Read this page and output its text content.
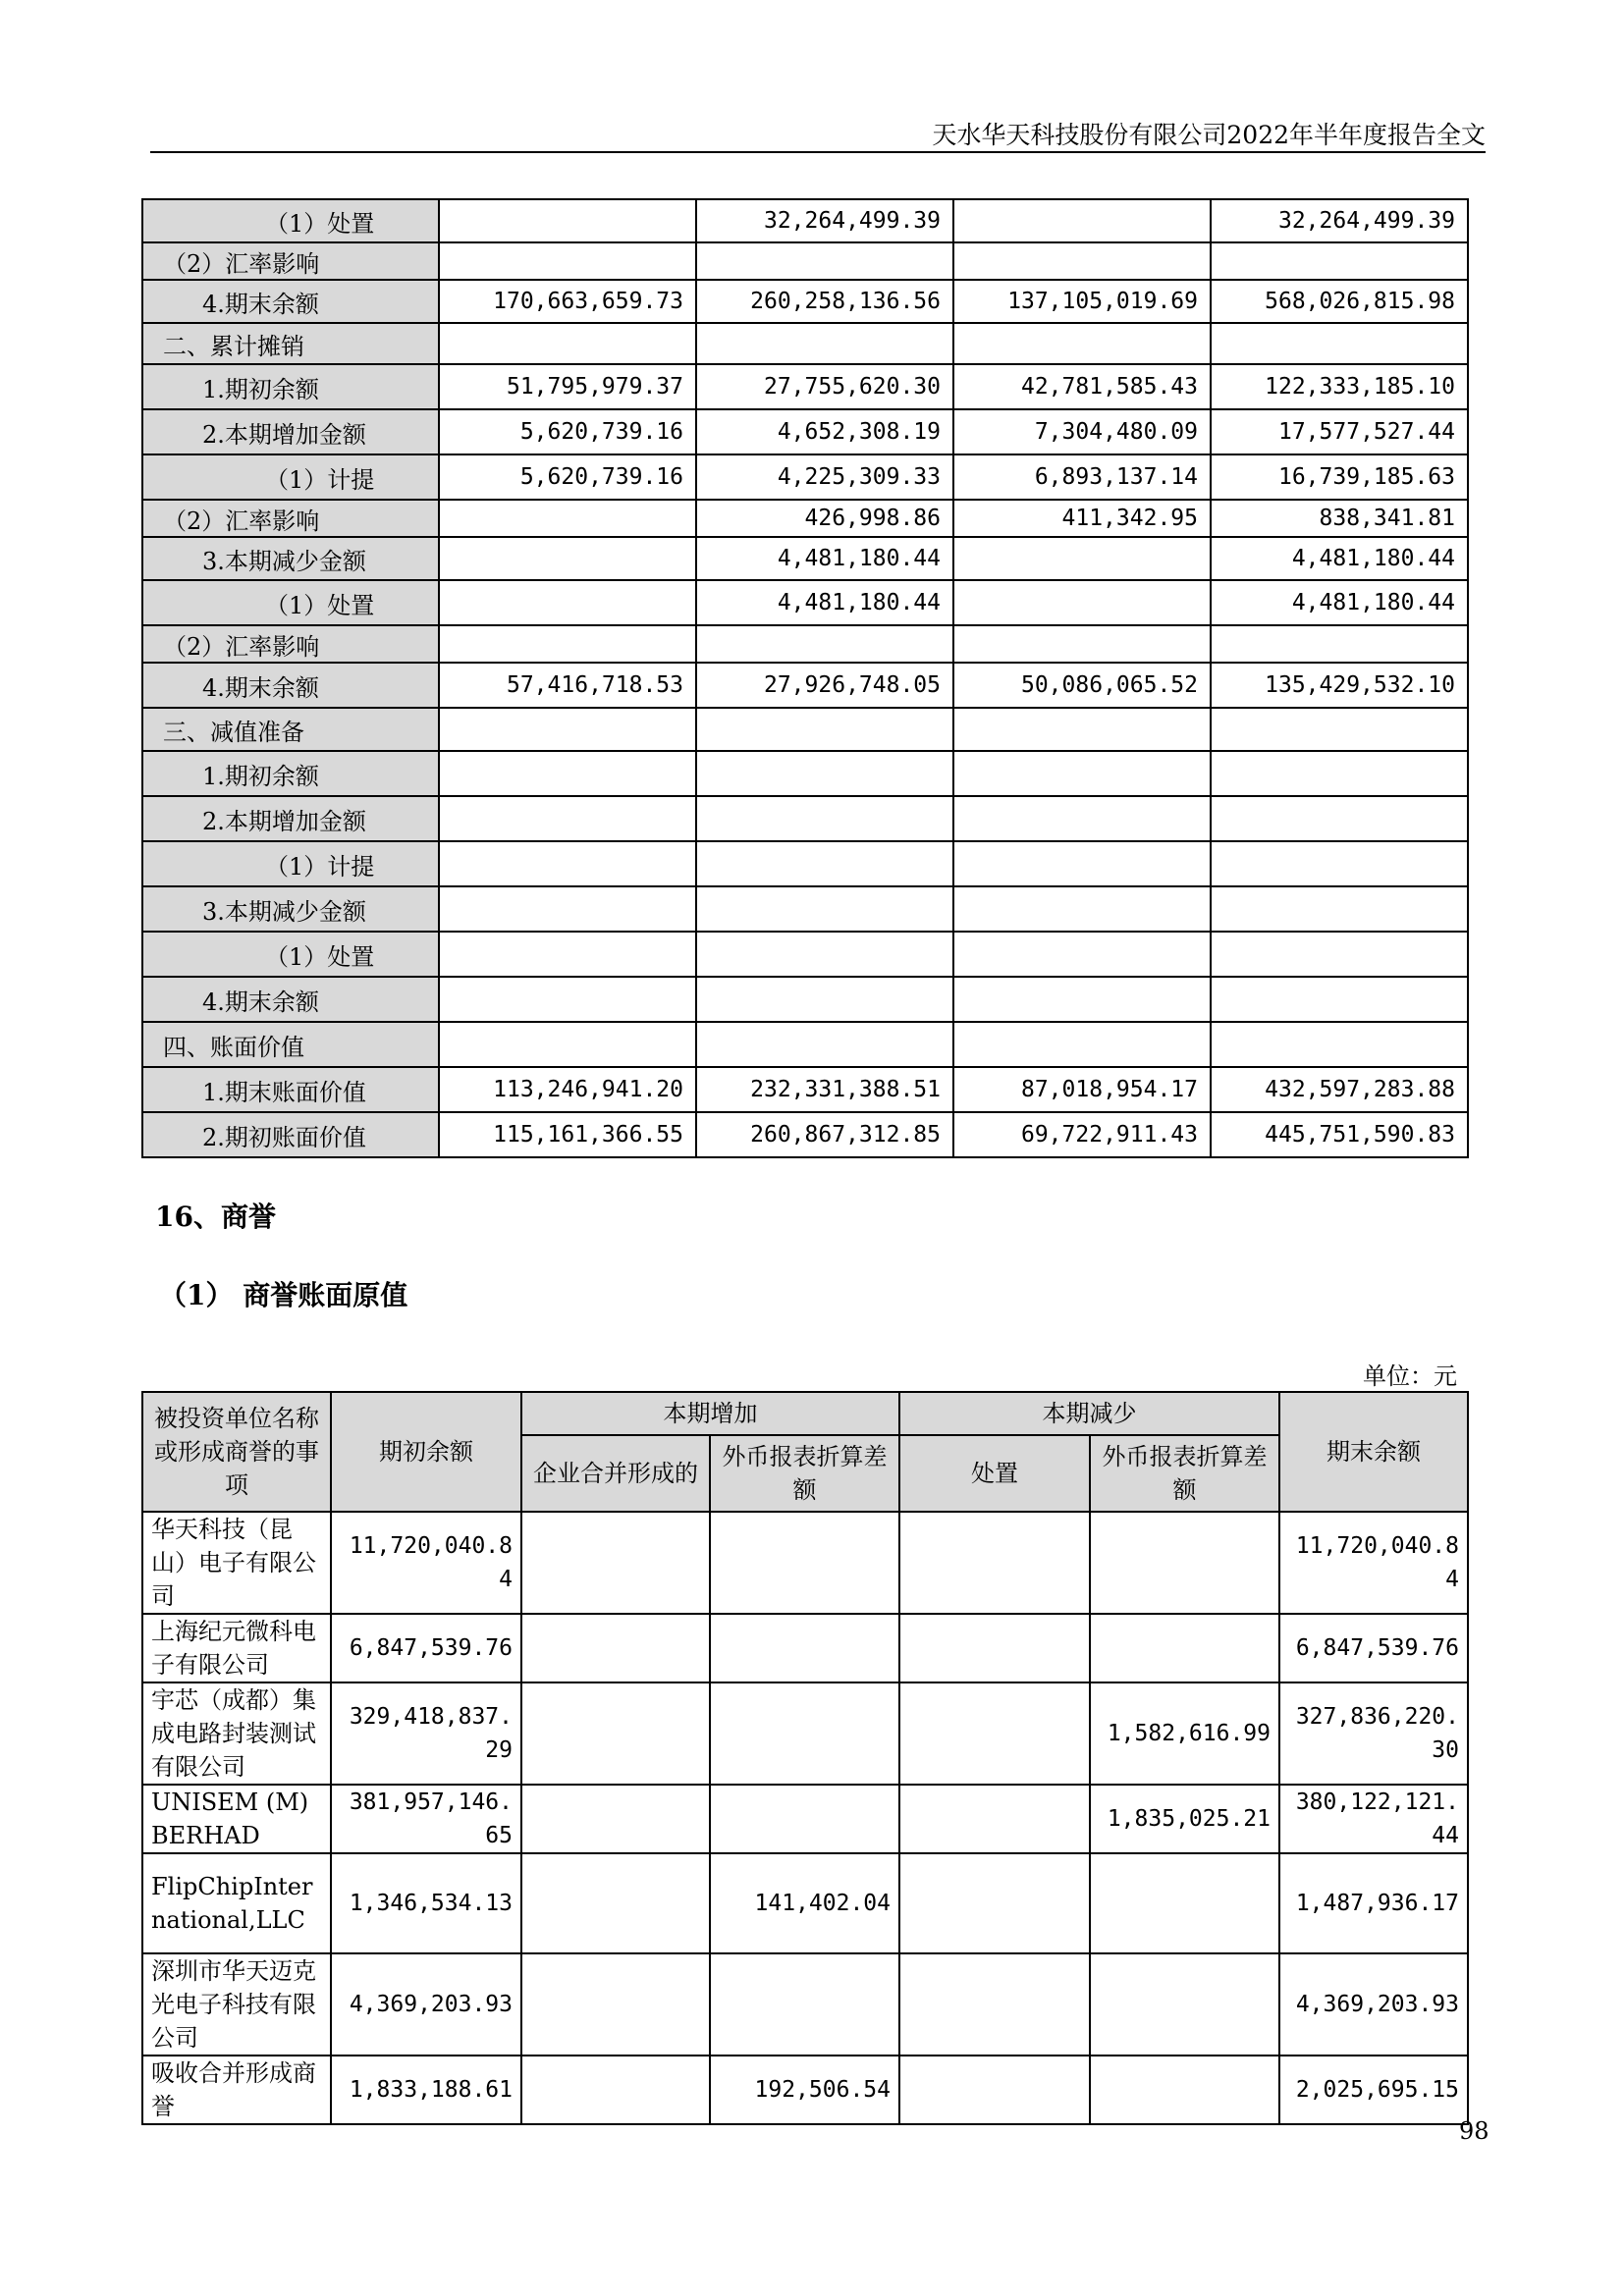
天水华天科技股份有限公司2022年半年度报告全文
（1）处置		32,264,499.39		32,264,499.39
（2）汇率影响				
4.期末余额	170,663,659.73	260,258,136.56	137,105,019.69	568,026,815.98
二、累计摊销				
1.期初余额	51,795,979.37	27,755,620.30	42,781,585.43	122,333,185.10
2.本期增加金额	5,620,739.16	4,652,308.19	7,304,480.09	17,577,527.44
（1）计提	5,620,739.16	4,225,309.33	6,893,137.14	16,739,185.63
（2）汇率影响		426,998.86	411,342.95	838,341.81
3.本期减少金额		4,481,180.44		4,481,180.44
（1）处置		4,481,180.44		4,481,180.44
（2）汇率影响				
4.期末余额	57,416,718.53	27,926,748.05	50,086,065.52	135,429,532.10
三、减值准备				
1.期初余额				
2.本期增加金额				
（1）计提				
3.本期减少金额				
（1）处置				
4.期末余额				
四、账面价值				
1.期末账面价值	113,246,941.20	232,331,388.51	87,018,954.17	432,597,283.88
2.期初账面价值	115,161,366.55	260,867,312.85	69,722,911.43	445,751,590.83
16、商誉
（1） 商誉账面原值
单位：元
被投资单位名称或形成商誉的事项	期初余额	本期增加		本期减少		期末余额
		企业合并形成的	外币报表折算差额	处置	外币报表折算差额	
华天科技（昆山）电子有限公司	11,720,040.84					11,720,040.84
上海纪元微科电子有限公司	6,847,539.76					6,847,539.76
宇芯（成都）集成电路封装测试有限公司	329,418,837.29				1,582,616.99	327,836,220.30
UNISEM (M) BERHAD	381,957,146.65				1,835,025.21	380,122,121.44
FlipChipInternational,LLC	1,346,534.13		141,402.04			1,487,936.17
深圳市华天迈克光电子科技有限公司	4,369,203.93					4,369,203.93
吸收合并形成商誉	1,833,188.61		192,506.54			2,025,695.15
98
